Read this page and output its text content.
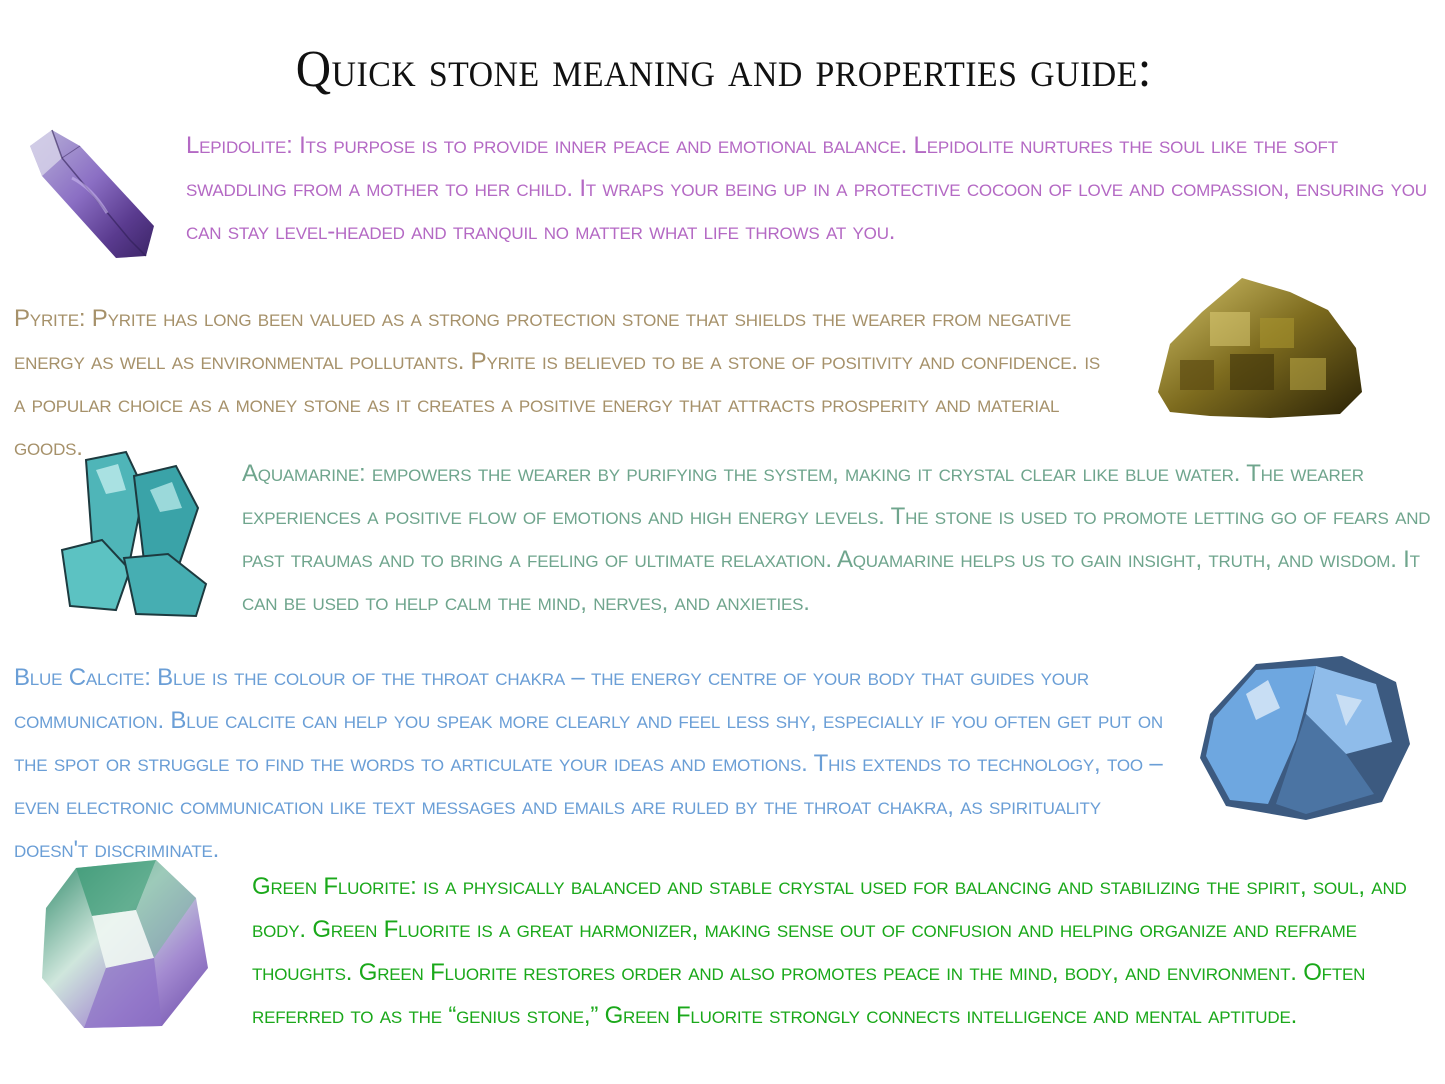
Quick stone meaning and properties guide:
Lepidolite: Its purpose is to provide inner peace and emotional balance. Lepidolite nurtures the soul like the soft swaddling from a mother to her child. It wraps your being up in a protective cocoon of love and compassion, ensuring you can stay level-headed and tranquil no matter what life throws at you.
Pyrite: Pyrite has long been valued as a strong protection stone that shields the wearer from negative energy as well as environmental pollutants. Pyrite is believed to be a stone of positivity and confidence. is a popular choice as a money stone as it creates a positive energy that attracts prosperity and material goods.
Aquamarine: empowers the wearer by purifying the system, making it crystal clear like blue water. The wearer experiences a positive flow of emotions and high energy levels. The stone is used to promote letting go of fears and past traumas and to bring a feeling of ultimate relaxation. Aquamarine helps us to gain insight, truth, and wisdom. It can be used to help calm the mind, nerves, and anxieties.
Blue Calcite: Blue is the colour of the throat chakra – the energy centre of your body that guides your communication. Blue calcite can help you speak more clearly and feel less shy, especially if you often get put on the spot or struggle to find the words to articulate your ideas and emotions. This extends to technology, too – even electronic communication like text messages and emails are ruled by the throat chakra, as spirituality doesn't discriminate.
Green Fluorite: is a physically balanced and stable crystal used for balancing and stabilizing the spirit, soul, and body. Green Fluorite is a great harmonizer, making sense out of confusion and helping organize and reframe thoughts. Green Fluorite restores order and also promotes peace in the mind, body, and environment. Often referred to as the “genius stone,” Green Fluorite strongly connects intelligence and mental aptitude.
